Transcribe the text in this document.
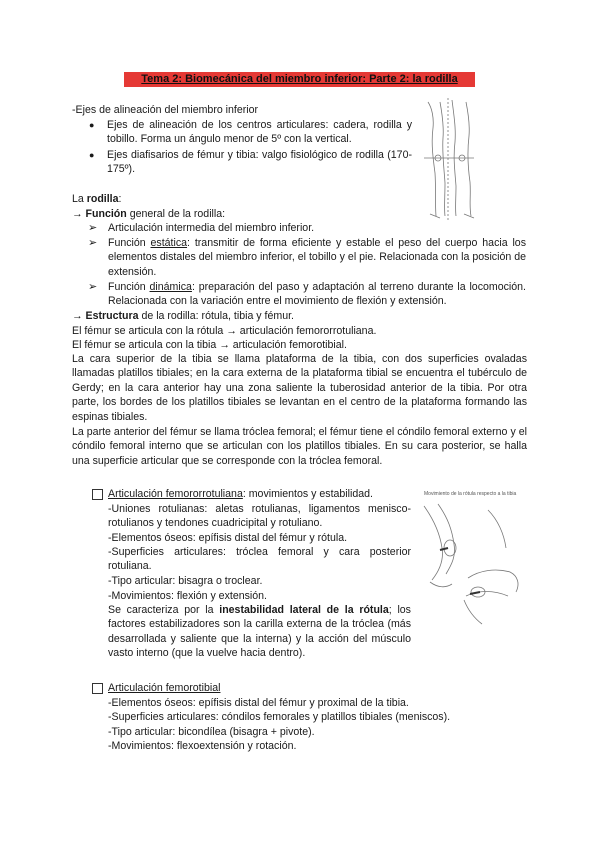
Tema 2: Biomecánica del miembro inferior: Parte 2: la rodilla
-Ejes de alineación del miembro inferior
● Ejes de alineación de los centros articulares: cadera, rodilla y tobillo. Forma un ángulo menor de 5º con la vertical.
● Ejes diafisarios de fémur y tibia: valgo fisiológico de rodilla (170-175º).
La rodilla:
→ Función general de la rodilla:
➢ Articulación intermedia del miembro inferior.
➢ Función estática: transmitir de forma eficiente y estable el peso del cuerpo hacia los elementos distales del miembro inferior, el tobillo y el pie. Relacionada con la posición de extensión.
➢ Función dinámica: preparación del paso y adaptación al terreno durante la locomoción. Relacionada con la variación entre el movimiento de flexión y extensión.
→ Estructura de la rodilla: rótula, tibia y fémur.
El fémur se articula con la rótula → articulación femororrotuliana.
El fémur se articula con la tibia → articulación femorotibial.
La cara superior de la tibia se llama plataforma de la tibia, con dos superficies ovaladas llamadas platillos tibiales; en la cara externa de la plataforma tibial se encuentra el tubérculo de Gerdy; en la cara anterior hay una zona saliente la tuberosidad anterior de la tibia. Por otra parte, los bordes de los platillos tibiales se levantan en el centro de la plataforma formando las espinas tibiales.
La parte anterior del fémur se llama tróclea femoral; el fémur tiene el cóndilo femoral externo y el cóndilo femoral interno que se articulan con los platillos tibiales. En su cara posterior, se halla una superficie articular que se corresponde con la tróclea femoral.
Articulación femororrotuliana: movimientos y estabilidad.
-Uniones rotulianas: aletas rotulianas, ligamentos menisco-rotulianos y tendones cuadricipital y rotuliano.
-Elementos óseos: epífisis distal del fémur y rótula.
-Superficies articulares: tróclea femoral y cara posterior rotuliana.
-Tipo articular: bisagra o troclear.
-Movimientos: flexión y extensión.
Se caracteriza por la inestabilidad lateral de la rótula; los factores estabilizadores son la carilla externa de la tróclea (más desarrollada y saliente que la interna) y la acción del músculo vasto interno (que la vuelve hacia dentro).
Movimiento de la rótula respecto a la tibia
Articulación femorotibial
-Elementos óseos: epífisis distal del fémur y proximal de la tibia.
-Superficies articulares: cóndilos femorales y platillos tibiales (meniscos).
-Tipo articular: bicondílea (bisagra + pivote).
-Movimientos: flexoextensión y rotación.
